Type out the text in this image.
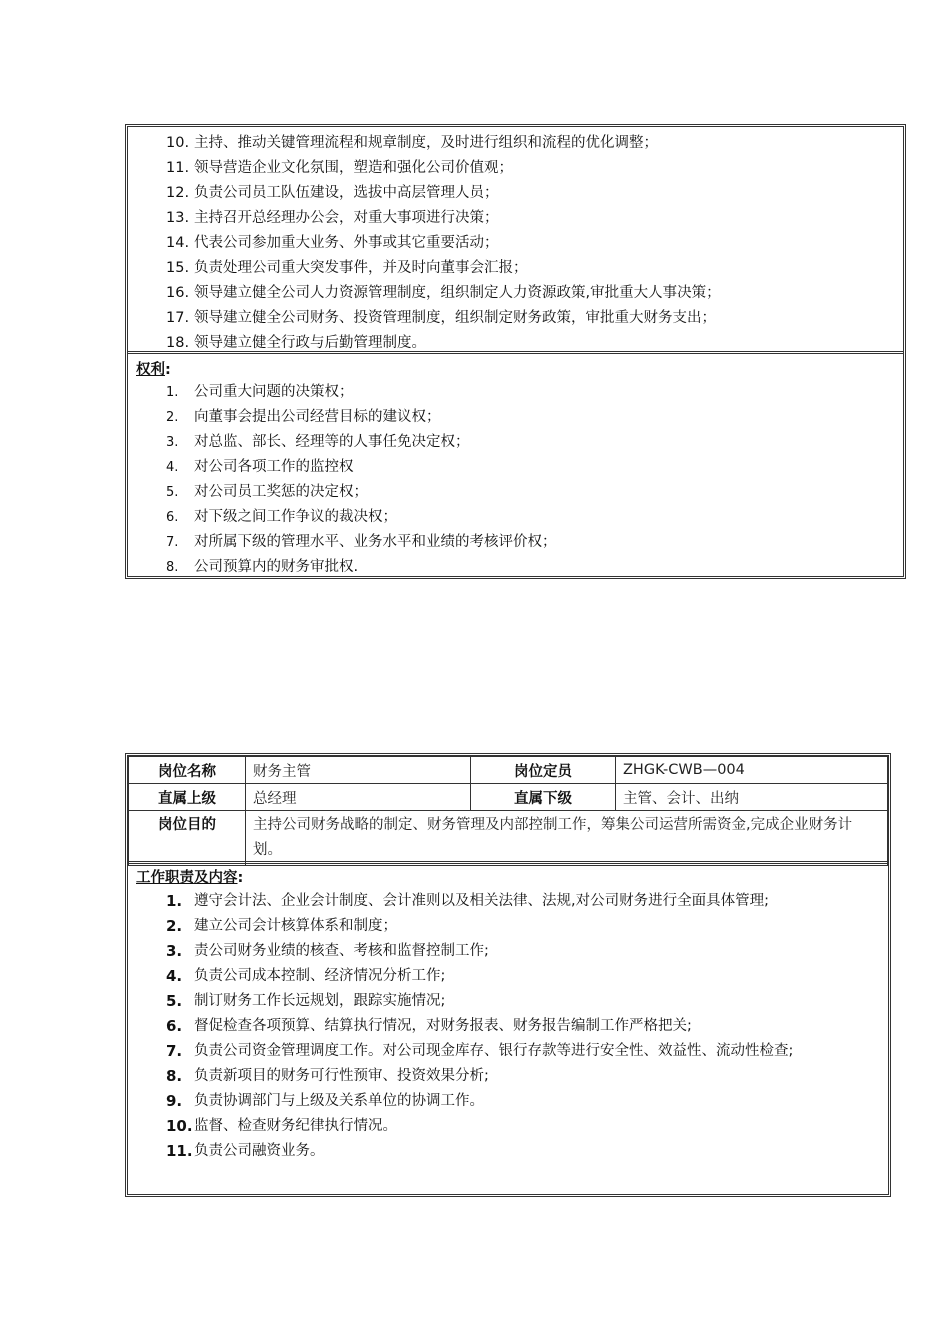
10. 主持、推动关键管理流程和规章制度，及时进行组织和流程的优化调整；
11. 领导营造企业文化氛围，塑造和强化公司价值观；
12. 负责公司员工队伍建设，选拔中高层管理人员；
13. 主持召开总经理办公会，对重大事项进行决策；
14. 代表公司参加重大业务、外事或其它重要活动；
15. 负责处理公司重大突发事件，并及时向董事会汇报；
16. 领导建立健全公司人力资源管理制度，组织制定人力资源政策,审批重大人事决策；
17. 领导建立健全公司财务、投资管理制度，组织制定财务政策，审批重大财务支出；
18. 领导建立健全行政与后勤管理制度。
权利:
1. 公司重大问题的决策权；
2. 向董事会提出公司经营目标的建议权；
3. 对总监、部长、经理等的人事任免决定权；
4. 对公司各项工作的监控权
5. 对公司员工奖惩的决定权；
6. 对下级之间工作争议的裁决权；
7. 对所属下级的管理水平、业务水平和业绩的考核评价权；
8. 公司预算内的财务审批权.
岗位名称	财务主管	岗位定员	ZHGK-CWB—004
直属上级	总经理	直属下级	主管、会计、出纳
岗位目的	主持公司财务战略的制定、财务管理及内部控制工作，筹集公司运营所需资金,完成企业财务计划。		
工作职责及内容:
1. 遵守会计法、企业会计制度、会计准则以及相关法律、法规,对公司财务进行全面具体管理;
2. 建立公司会计核算体系和制度；
3. 责公司财务业绩的核查、考核和监督控制工作;
4. 负责公司成本控制、经济情况分析工作;
5. 制订财务工作长远规划，跟踪实施情况;
6. 督促检查各项预算、结算执行情况，对财务报表、财务报告编制工作严格把关;
7. 负责公司资金管理调度工作。对公司现金库存、银行存款等进行安全性、效益性、流动性检查;
8. 负责新项目的财务可行性预审、投资效果分析;
9. 负责协调部门与上级及关系单位的协调工作。
10. 监督、检查财务纪律执行情况。
11. 负责公司融资业务。
